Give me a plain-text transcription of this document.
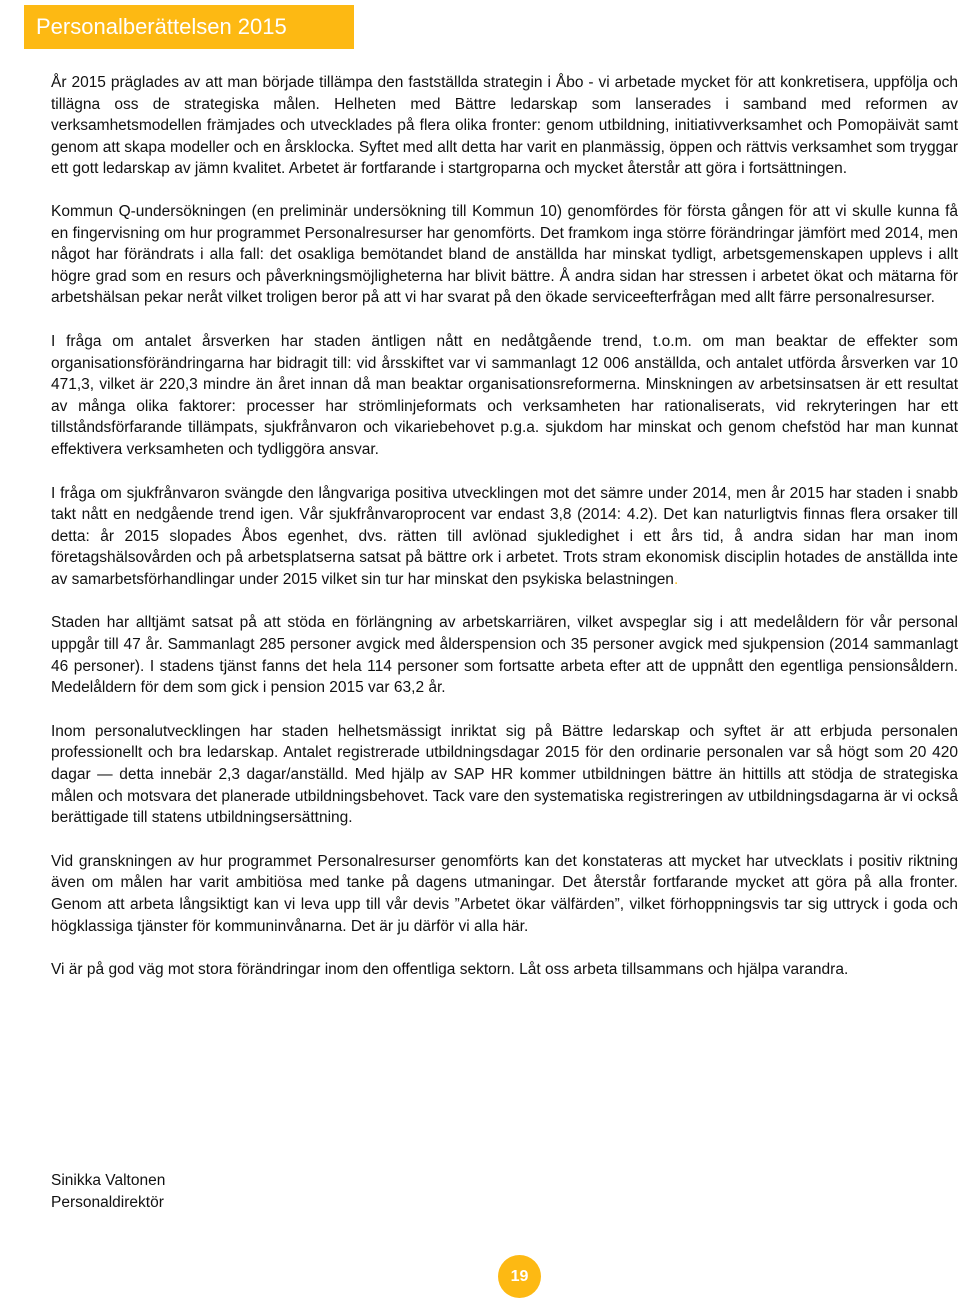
Personalberättelsen 2015

År 2015 präglades av att man började tillämpa den fastställda strategin i Åbo - vi arbetade mycket för att konkretisera, uppfölja och tillägna oss de strategiska målen. Helheten med Bättre ledarskap som lanserades i samband med reformen av verksamhetsmodellen främjades och utvecklades på flera olika fronter: genom utbildning, initiativverksamhet och Pomopäivät samt genom att skapa modeller och en årsklocka. Syftet med allt detta har varit en planmässig, öppen och rättvis verksamhet som tryggar ett gott ledarskap av jämn kvalitet. Arbetet är fortfarande i startgroparna och mycket återstår att göra i fortsättningen.

Kommun Q-undersökningen (en preliminär undersökning till Kommun 10) genomfördes för första gången för att vi skulle kunna få en fingervisning om hur programmet Personalresurser har genomförts. Det framkom inga större förändringar jämfört med 2014, men något har förändrats i alla fall: det osakliga bemötandet bland de anställda har minskat tydligt, arbetsgemenskapen upplevs i allt högre grad som en resurs och påverkningsmöjligheterna har blivit bättre. Å andra sidan har stressen i arbetet ökat och mätarna för arbetshälsan pekar neråt vilket troligen beror på att vi har svarat på den ökade serviceefterfrågan med allt färre personalresurser.

I fråga om antalet årsverken har staden äntligen nått en nedåtgående trend, t.o.m. om man beaktar de effekter som organisationsförändringarna har bidragit till: vid årsskiftet var vi sammanlagt 12 006 anställda, och antalet utförda årsverken var 10 471,3, vilket är 220,3 mindre än året innan då man beaktar organisationsreformerna. Minskningen av arbetsinsatsen är ett resultat av många olika faktorer: processer har strömlinjeformats och verksamheten har rationaliserats, vid rekryteringen har ett tillståndsförfarande tillämpats, sjukfrånvaron och vikariebehovet p.g.a. sjukdom har minskat och genom chefstöd har man kunnat effektivera verksamheten och tydliggöra ansvar.

I fråga om sjukfrånvaron svängde den långvariga positiva utvecklingen mot det sämre under 2014, men år 2015 har staden i snabb takt nått en nedgående trend igen. Vår sjukfrånvaroprocent var endast 3,8 (2014: 4.2). Det kan naturligtvis finnas flera orsaker till detta: år 2015 slopades Åbos egenhet, dvs. rätten till avlönad sjukledighet i ett års tid, å andra sidan har man inom företagshälsovården och på arbetsplatserna satsat på bättre ork i arbetet. Trots stram ekonomisk disciplin hotades de anställda inte av samarbetsförhandlingar under 2015 vilket sin tur har minskat den psykiska belastningen.

Staden har alltjämt satsat på att stöda en förlängning av arbetskarriären, vilket avspeglar sig i att medelåldern för vår personal uppgår till 47 år. Sammanlagt 285 personer avgick med ålderspension och 35 personer avgick med sjukpension (2014 sammanlagt 46 personer). I stadens tjänst fanns det hela 114 personer som fortsatte arbeta efter att de uppnått den egentliga pensionsåldern. Medelåldern för dem som gick i pension 2015 var 63,2 år.

Inom personalutvecklingen har staden helhetsmässigt inriktat sig på Bättre ledarskap och syftet är att erbjuda personalen professionellt och bra ledarskap. Antalet registrerade utbildningsdagar 2015 för den ordinarie personalen var så högt som 20 420 dagar — detta innebär 2,3 dagar/anställd. Med hjälp av SAP HR kommer utbildningen bättre än hittills att stödja de strategiska målen och motsvara det planerade utbildningsbehovet. Tack vare den systematiska registreringen av utbildningsdagarna är vi också berättigade till statens utbildningsersättning.

Vid granskningen av hur programmet Personalresurser genomförts kan det konstateras att mycket har utvecklats i positiv riktning även om målen har varit ambitiösa med tanke på dagens utmaningar. Det återstår fortfarande mycket att göra på alla fronter. Genom att arbeta långsiktigt kan vi leva upp till vår devis ”Arbetet ökar välfärden”, vilket förhoppningsvis tar sig uttryck i goda och högklassiga tjänster för kommuninvånarna. Det är ju därför vi alla här.

Vi är på god väg mot stora förändringar inom den offentliga sektorn. Låt oss arbeta tillsammans och hjälpa varandra.

Sinikka Valtonen
Personaldirektör
19
